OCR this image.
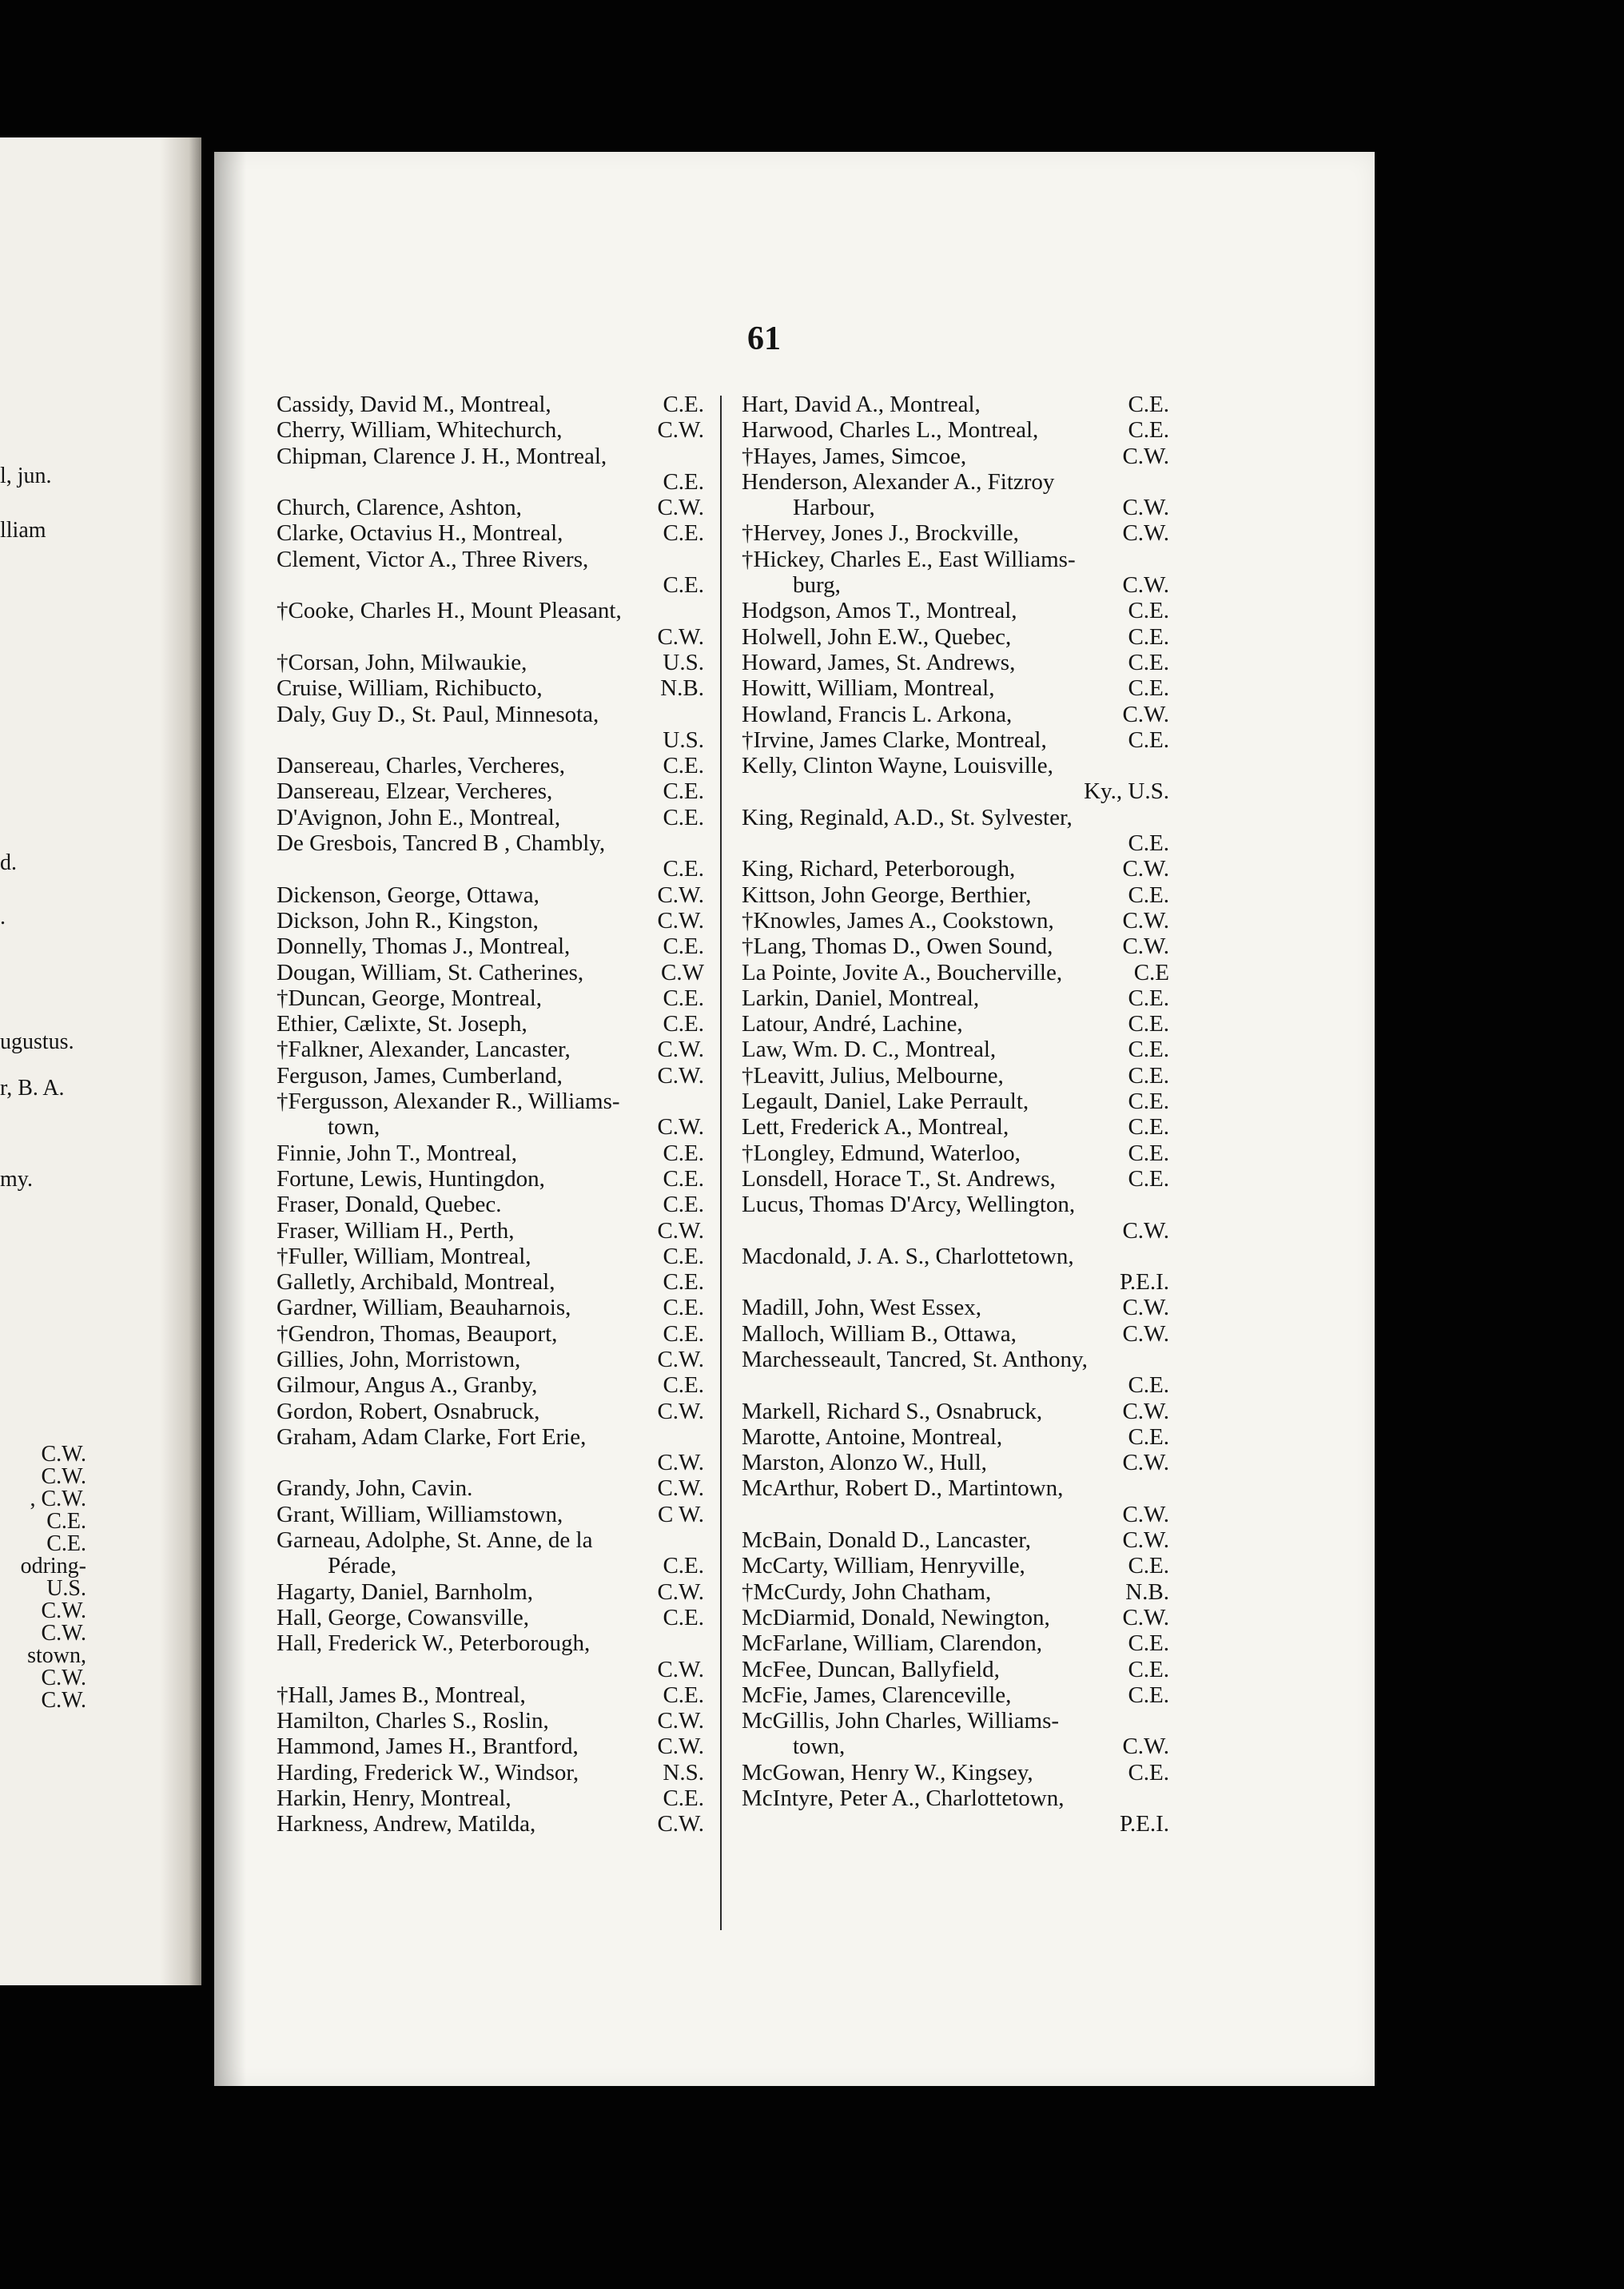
l, jun.
lliam
d.
.
ugustus.
r, B. A.
my.
C.W.
C.W.
, C.W.
C.E.
C.E.
odring-
U.S.
C.W.
C.W.
stown,
C.W.
C.W.
61
Cassidy, David M., Montreal,	C.E.
Cherry, William, Whitechurch,	C.W.
Chipman, Clarence J. H., Montreal,
C.E.
Church, Clarence, Ashton,	C.W.
Clarke, Octavius H., Montreal,	C.E.
Clement, Victor A., Three Rivers,
C.E.
†Cooke, Charles H., Mount Pleasant,
C.W.
†Corsan, John, Milwaukie,	U.S.
Cruise, William, Richibucto,	N.B.
Daly, Guy D., St. Paul, Minnesota,
U.S.
Dansereau, Charles, Vercheres,	C.E.
Dansereau, Elzear, Vercheres,	C.E.
D'Avignon, John E., Montreal,	C.E.
De Gresbois, Tancred B , Chambly,
C.E.
Dickenson, George, Ottawa,	C.W.
Dickson, John R., Kingston,	C.W.
Donnelly, Thomas J., Montreal,	C.E.
Dougan, William, St. Catherines,	C.W
†Duncan, George, Montreal,	C.E.
Ethier, Cælixte, St. Joseph,	C.E.
†Falkner, Alexander, Lancaster,	C.W.
Ferguson, James, Cumberland,	C.W.
†Fergusson, Alexander R., Williams-
town,	C.W.
Finnie, John T., Montreal,	C.E.
Fortune, Lewis, Huntingdon,	C.E.
Fraser, Donald, Quebec.	C.E.
Fraser, William H., Perth,	C.W.
†Fuller, William, Montreal,	C.E.
Galletly, Archibald, Montreal,	C.E.
Gardner, William, Beauharnois,	C.E.
†Gendron, Thomas, Beauport,	C.E.
Gillies, John, Morristown,	C.W.
Gilmour, Angus A., Granby,	C.E.
Gordon, Robert, Osnabruck,	C.W.
Graham, Adam Clarke, Fort Erie,
C.W.
Grandy, John, Cavin.	C.W.
Grant, William, Williamstown,	C W.
Garneau, Adolphe, St. Anne, de la
Pérade,	C.E.
Hagarty, Daniel, Barnholm,	C.W.
Hall, George, Cowansville,	C.E.
Hall, Frederick W., Peterborough,
C.W.
†Hall, James B., Montreal,	C.E.
Hamilton, Charles S., Roslin,	C.W.
Hammond, James H., Brantford,	C.W.
Harding, Frederick W., Windsor,	N.S.
Harkin, Henry, Montreal,	C.E.
Harkness, Andrew, Matilda,	C.W.
Hart, David A., Montreal,	C.E.
Harwood, Charles L., Montreal,	C.E.
†Hayes, James, Simcoe,	C.W.
Henderson, Alexander A., Fitzroy
Harbour,	C.W.
†Hervey, Jones J., Brockville,	C.W.
†Hickey, Charles E., East Williams-
burg,	C.W.
Hodgson, Amos T., Montreal,	C.E.
Holwell, John E.W., Quebec,	C.E.
Howard, James, St. Andrews,	C.E.
Howitt, William, Montreal,	C.E.
Howland, Francis L. Arkona,	C.W.
†Irvine, James Clarke, Montreal,	C.E.
Kelly, Clinton Wayne, Louisville,
Ky., U.S.
King, Reginald, A.D., St. Sylvester,
C.E.
King, Richard, Peterborough,	C.W.
Kittson, John George, Berthier,	C.E.
†Knowles, James A., Cookstown,	C.W.
†Lang, Thomas D., Owen Sound,	C.W.
La Pointe, Jovite A., Boucherville,	C.E
Larkin, Daniel, Montreal,	C.E.
Latour, André, Lachine,	C.E.
Law, Wm. D. C., Montreal,	C.E.
†Leavitt, Julius, Melbourne,	C.E.
Legault, Daniel, Lake Perrault,	C.E.
Lett, Frederick A., Montreal,	C.E.
†Longley, Edmund, Waterloo,	C.E.
Lonsdell, Horace T., St. Andrews,	C.E.
Lucus, Thomas D'Arcy, Wellington,
C.W.
Macdonald, J. A. S., Charlottetown,
P.E.I.
Madill, John, West Essex,	C.W.
Malloch, William B., Ottawa,	C.W.
Marchesseault, Tancred, St. Anthony,
C.E.
Markell, Richard S., Osnabruck,	C.W.
Marotte, Antoine, Montreal,	C.E.
Marston, Alonzo W., Hull,	C.W.
McArthur, Robert D., Martintown,
C.W.
McBain, Donald D., Lancaster,	C.W.
McCarty, William, Henryville,	C.E.
†McCurdy, John Chatham,	N.B.
McDiarmid, Donald, Newington,	C.W.
McFarlane, William, Clarendon,	C.E.
McFee, Duncan, Ballyfield,	C.E.
McFie, James, Clarenceville,	C.E.
McGillis, John Charles, Williams-
town,	C.W.
McGowan, Henry W., Kingsey,	C.E.
McIntyre, Peter A., Charlottetown,
P.E.I.
